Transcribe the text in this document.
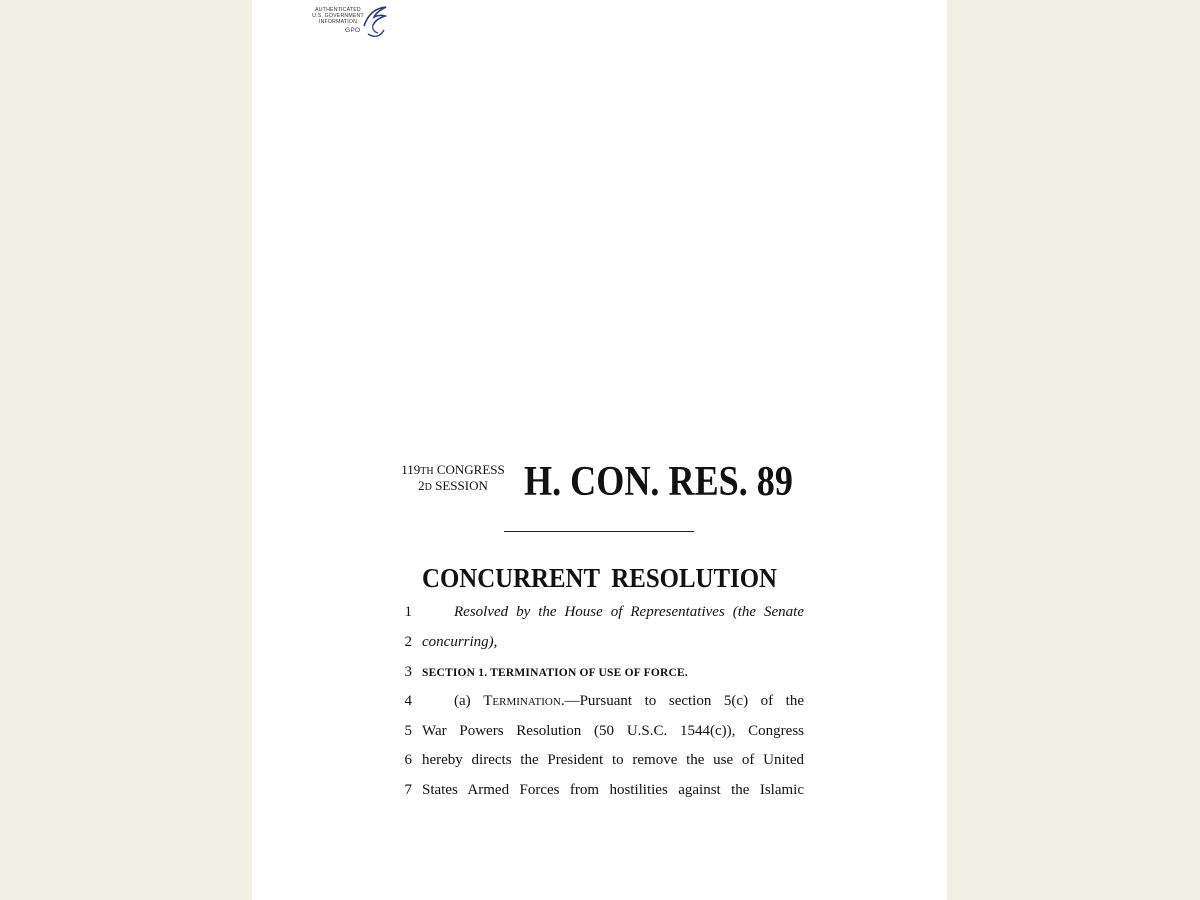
AUTHENTICATED
U.S. GOVERNMENT
INFORMATION
GPO
119TH CONGRESS
2D SESSION H. CON. RES. 89
CONCURRENT RESOLUTION
1	Resolved by the House of Representatives (the Senate
2 concurring),
3 SECTION 1. TERMINATION OF USE OF FORCE.
4	(a) Termination.—Pursuant to section 5(c) of the
5 War Powers Resolution (50 U.S.C. 1544(c)), Congress
6 hereby directs the President to remove the use of United
7 States Armed Forces from hostilities against the Islamic
